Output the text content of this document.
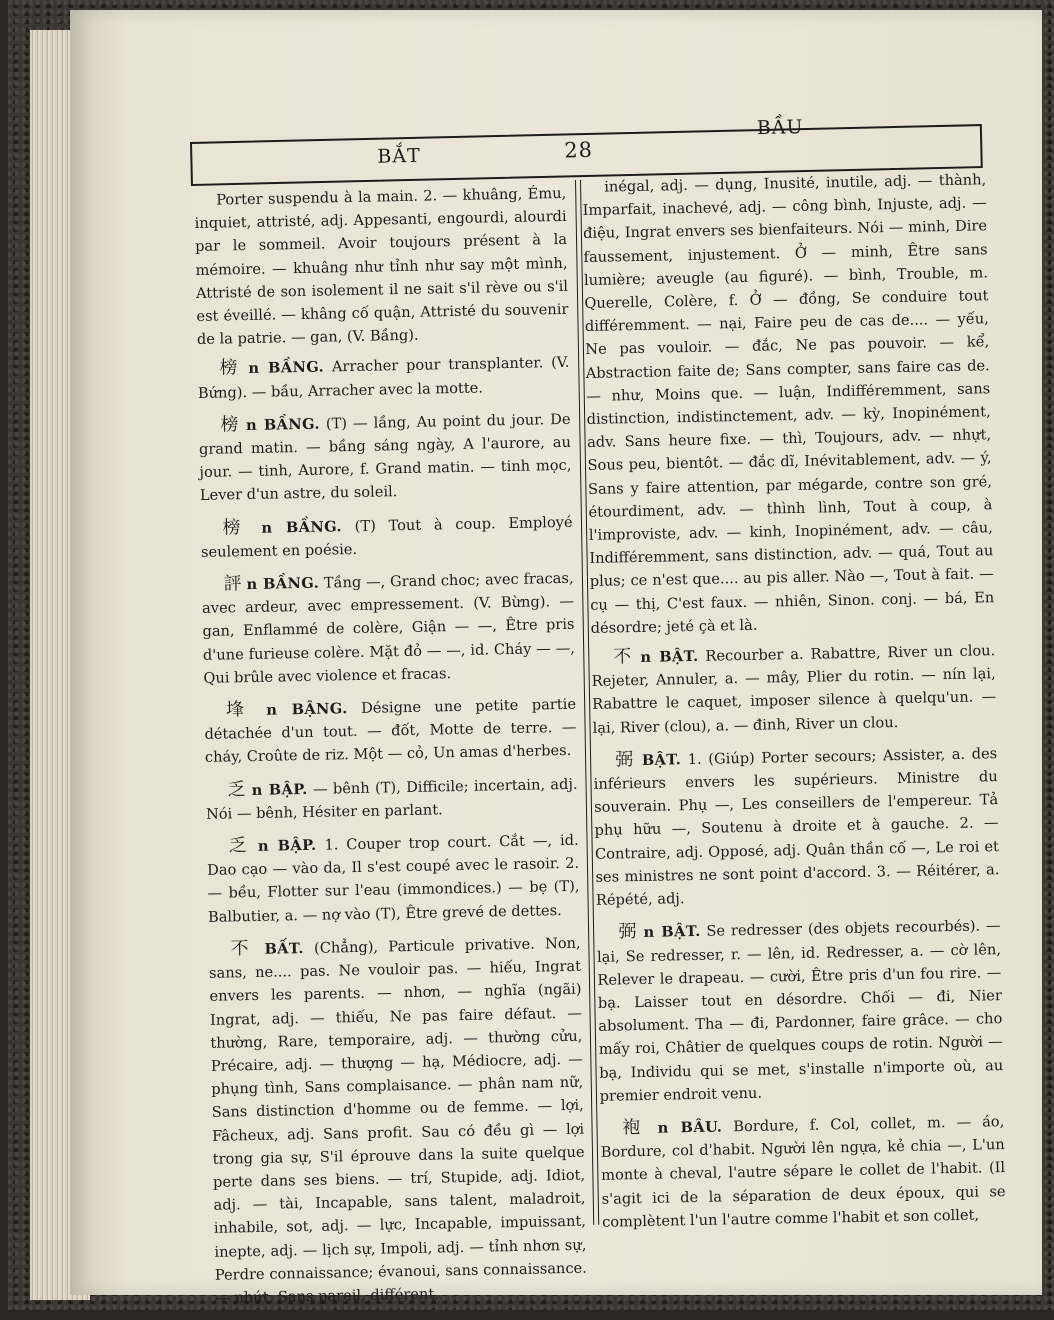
BẮT	28
BẦU
Porter suspendu à la main. 2. — khuâng, Ému, inquiet, attristé, adj. Appesanti, engourdi, alourdi par le sommeil. Avoir toujours présent à la mémoire. — khuâng như tỉnh như say một mình, Attristé de son isolement il ne sait s'il rève ou s'il est éveillé. — khâng cố quận, Attristé du souvenir de la patrie. — gan, (V. Bầng).
榜 n BẦNG. Arracher pour transplanter. (V. Bứng). — bầu, Arracher avec la motte.
榜 n BẦNG. (T) — lầng, Au point du jour. De grand matin. — bầng sáng ngày, A l'aurore, au jour. — tinh, Aurore, f. Grand matin. — tinh mọc, Lever d'un astre, du soleil.
榜 n BẦNG. (T) Tout à coup. Employé seulement en poésie.
評 n BẦNG. Tầng —, Grand choc; avec fracas, avec ardeur, avec empressement. (V. Bừng). — gan, Enflammé de colère, Giận — —, Être pris d'une furieuse colère. Mặt đỏ — —, id. Cháy — —, Qui brûle avec violence et fracas.
埄 n BẬNG. Désigne une petite partie détachée d'un tout. — đốt, Motte de terre. — cháy, Croûte de riz. Một — cỏ, Un amas d'herbes.
乏 n BẬP. — bênh (T), Difficile; incertain, adj. Nói — bênh, Hésiter en parlant.
乏 n BẬP. 1. Couper trop court. Cắt —, id. Dao cạo — vào da, Il s'est coupé avec le rasoir. 2. — bều, Flotter sur l'eau (immondices.) — bẹ (T), Balbutier, a. — nợ vào (T), Être grevé de dettes.
不 BẤT. (Chẳng), Particule privative. Non, sans, ne.... pas. Ne vouloir pas. — hiếu, Ingrat envers les parents. — nhơn, — nghĩa (ngãi) Ingrat, adj. — thiếu, Ne pas faire défaut. — thường, Rare, temporaire, adj. — thường cửu, Précaire, adj. — thượng — hạ, Médiocre, adj. — phụng tình, Sans complaisance. — phân nam nữ, Sans distinction d'homme ou de femme. — lợi, Fâcheux, adj. Sans profit. Sau có đều gì — lợi trong gia sự, S'il éprouve dans la suite quelque perte dans ses biens. — trí, Stupide, adj. Idiot, adj. — tài, Incapable, sans talent, maladroit, inhabile, sot, adj. — lực, Incapable, impuissant, inepte, adj. — lịch sự, Impoli, adj. — tỉnh nhơn sự, Perdre connaissance; évanoui, sans connaissance. — nhứt, Sans pareil, différent,
inégal, adj. — dụng, Inusité, inutile, adj. — thành, Imparfait, inachevé, adj. — công bình, Injuste, adj. — điệu, Ingrat envers ses bienfaiteurs. Nói — minh, Dire faussement, injustement. Ở — minh, Être sans lumière; aveugle (au figuré). — bình, Trouble, m. Querelle, Colère, f. Ở — đồng, Se conduire tout différemment. — nại, Faire peu de cas de.... — yếu, Ne pas vouloir. — đắc, Ne pas pouvoir. — kể, Abstraction faite de; Sans compter, sans faire cas de. — như, Moins que. — luận, Indifféremment, sans distinction, indistinctement, adv. — kỳ, Inopinément, adv. Sans heure fixe. — thì, Toujours, adv. — nhựt, Sous peu, bientôt. — đắc dĩ, Inévitablement, adv. — ý, Sans y faire attention, par mégarde, contre son gré, étourdiment, adv. — thình lình, Tout à coup, à l'improviste, adv. — kinh, Inopinément, adv. — câu, Indifféremment, sans distinction, adv. — quá, Tout au plus; ce n'est que.... au pis aller. Nào —, Tout à fait. — cụ — thị, C'est faux. — nhiên, Sinon. conj. — bá, En désordre; jeté çà et là.
不 n BẬT. Recourber a. Rabattre, River un clou. Rejeter, Annuler, a. — mây, Plier du rotin. — nín lại, Rabattre le caquet, imposer silence à quelqu'un. — lại, River (clou), a. — đinh, River un clou.
弼 BẬT. 1. (Giúp) Porter secours; Assister, a. des inférieurs envers les supérieurs. Ministre du souverain. Phụ —, Les conseillers de l'empereur. Tả phụ hữu —, Soutenu à droite et à gauche. 2. — Contraire, adj. Opposé, adj. Quân thần cố —, Le roi et ses ministres ne sont point d'accord. 3. — Réitérer, a. Répété, adj.
弼 n BẬT. Se redresser (des objets recourbés). — lại, Se redresser, r. — lên, id. Redresser, a. — cờ lên, Relever le drapeau. — cười, Être pris d'un fou rire. — bạ. Laisser tout en désordre. Chối — đi, Nier absolument. Tha — đi, Pardonner, faire grâce. — cho mấy roi, Châtier de quelques coups de rotin. Người — bạ, Individu qui se met, s'installe n'importe où, au premier endroit venu.
袍 n BÂU. Bordure, f. Col, collet, m. — áo, Bordure, col d'habit. Người lên ngựa, kẻ chia —, L'un monte à cheval, l'autre sépare le collet de l'habit. (Il s'agit ici de la séparation de deux époux, qui se complètent l'un l'autre comme l'habit et son collet,
